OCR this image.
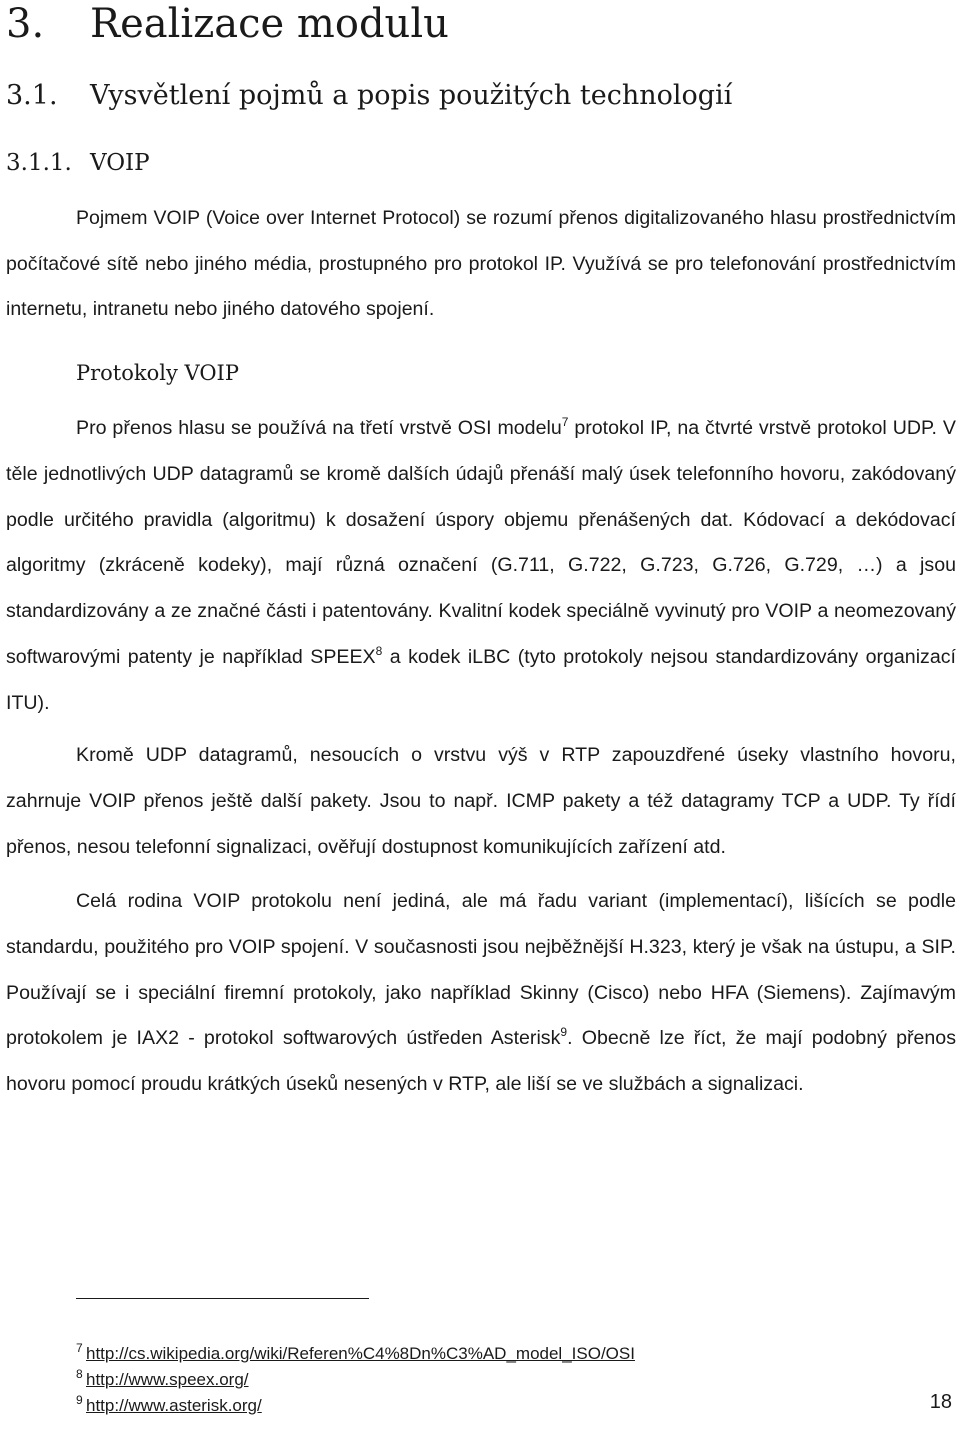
3. Realizace modulu
3.1. Vysvětlení pojmů a popis použitých technologií
3.1.1. VOIP

Pojmem VOIP (Voice over Internet Protocol) se rozumí přenos digitalizovaného hlasu prostřednictvím počítačové sítě nebo jiného média, prostupného pro protokol IP. Využívá se pro telefonování prostřednictvím internetu, intranetu nebo jiného datového spojení.

Protokoly VOIP

Pro přenos hlasu se používá na třetí vrstvě OSI modelu$^7$ protokol IP, na čtvrté vrstvě protokol UDP. V těle jednotlivých UDP datagramů se kromě dalších údajů přenáší malý úsek telefonního hovoru, zakódovaný podle určitého pravidla (algoritmu) k dosažení úspory objemu přenášených dat. Kódovací a dekódovací algoritmy (zkráceně kodeky), mají různá označení (G.711, G.722, G.723, G.726, G.729, …) a jsou standardizovány a ze značné části i patentovány. Kvalitní kodek speciálně vyvinutý pro VOIP a neomezovaný softwarovými patenty je například SPEEX$^8$ a kodek iLBC (tyto protokoly nejsou standardizovány organizací ITU).

Kromě UDP datagramů, nesoucích o vrstvu výš v RTP zapouzdřené úseky vlastního hovoru, zahrnuje VOIP přenos ještě další pakety. Jsou to např. ICMP pakety a též datagramy TCP a UDP. Ty řídí přenos, nesou telefonní signalizaci, ověřují dostupnost komunikujících zařízení atd.

Celá rodina VOIP protokolu není jediná, ale má řadu variant (implementací), lišících se podle standardu, použitého pro VOIP spojení. V současnosti jsou nejběžnější H.323, který je však na ústupu, a SIP. Používají se i speciální firemní protokoly, jako například Skinny (Cisco) nebo HFA (Siemens). Zajímavým protokolem je IAX2 - protokol softwarových ústředen Asterisk$^9$. Obecně lze říct, že mají podobný přenos hovoru pomocí proudu krátkých úseků nesených v RTP, ale liší se ve službách a signalizaci.

7 http://cs.wikipedia.org/wiki/Referen%C4%8Dn%C3%AD_model_ISO/OSI
8 http://www.speex.org/
9 http://www.asterisk.org/	18
